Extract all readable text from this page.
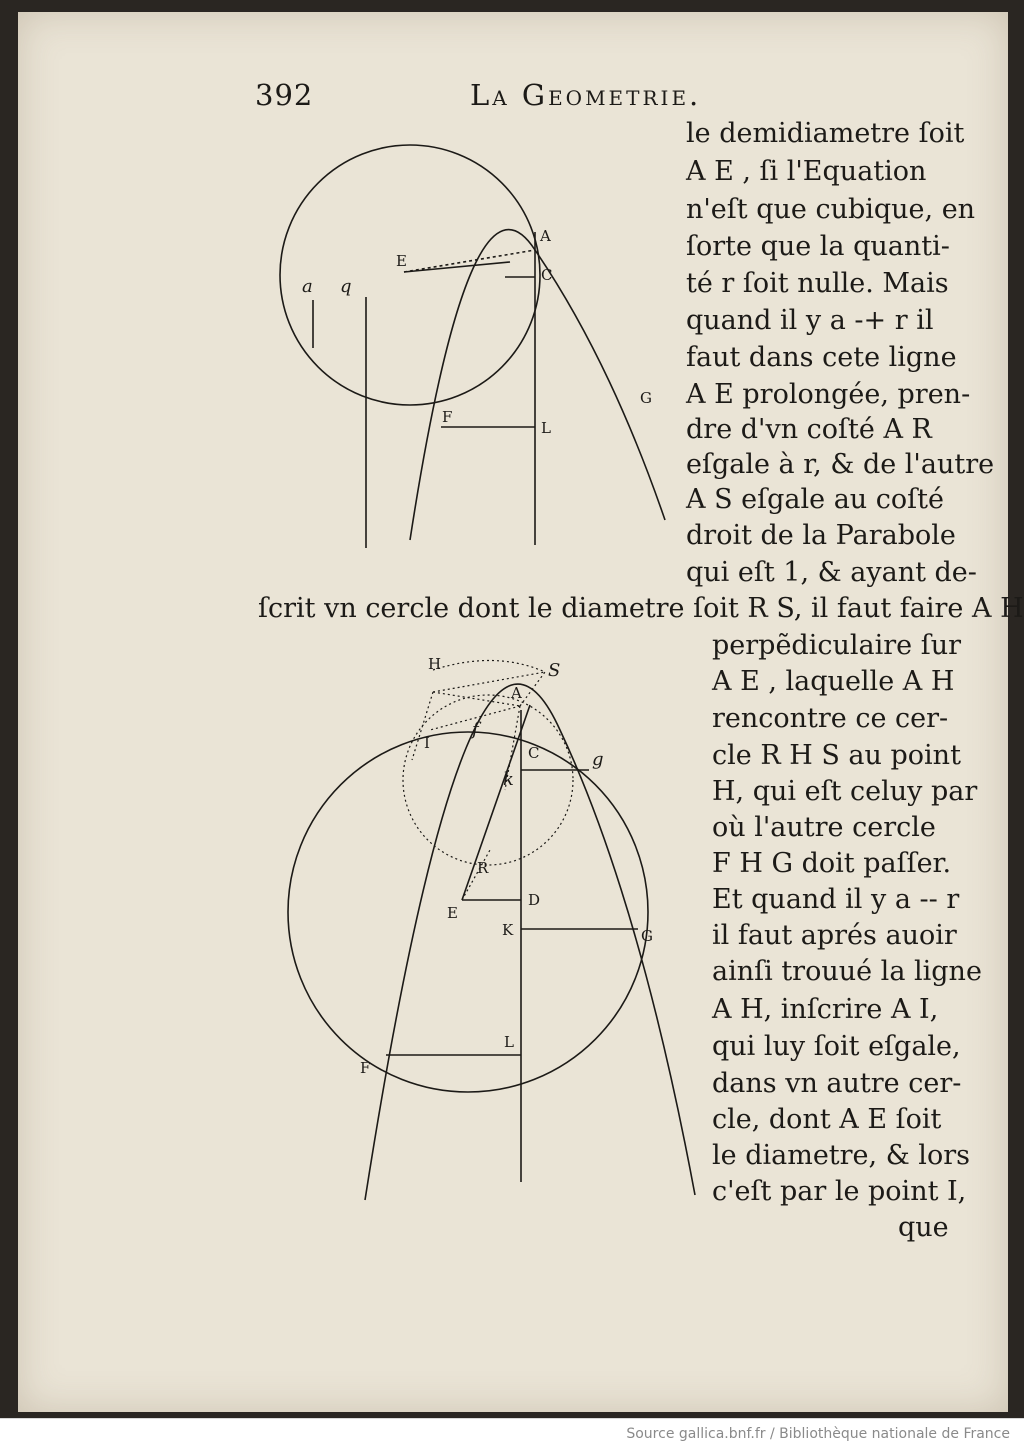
392	La Geometrie.
le demidiametre ſoit
A E , ſi l'Equation
n'eſt que cubique, en
ſorte que la quanti-
té r ſoit nulle. Mais
quand il y a -+ r il
faut dans cete ligne
A E prolongée, pren-
dre d'vn coſté A R
eſgale à r, & de l'autre
A S eſgale au coſté
droit de la Parabole
qui eſt 1, & ayant de-
ſcrit vn cercle dont le diametre ſoit R S, il faut faire A H
perpẽdiculaire ſur
A E , laquelle A H
rencontre ce cer-
cle R H S au point
H, qui eſt celuy par
où l'autre cercle
F H G doit paſſer.
Et quand il y a -- r
il faut aprés auoir
ainſi trouué la ligne
A H, inſcrire A I,
qui luy ſoit eſgale,
dans vn autre cer-
cle, dont A E ſoit
le diametre, & lors
c'eſt par le point I,
que
a q
E
A
C
L
F
G
H	S
A
f
I
C	g
k
R
E
D
K	G
L
F
Source gallica.bnf.fr / Bibliothèque nationale de France
